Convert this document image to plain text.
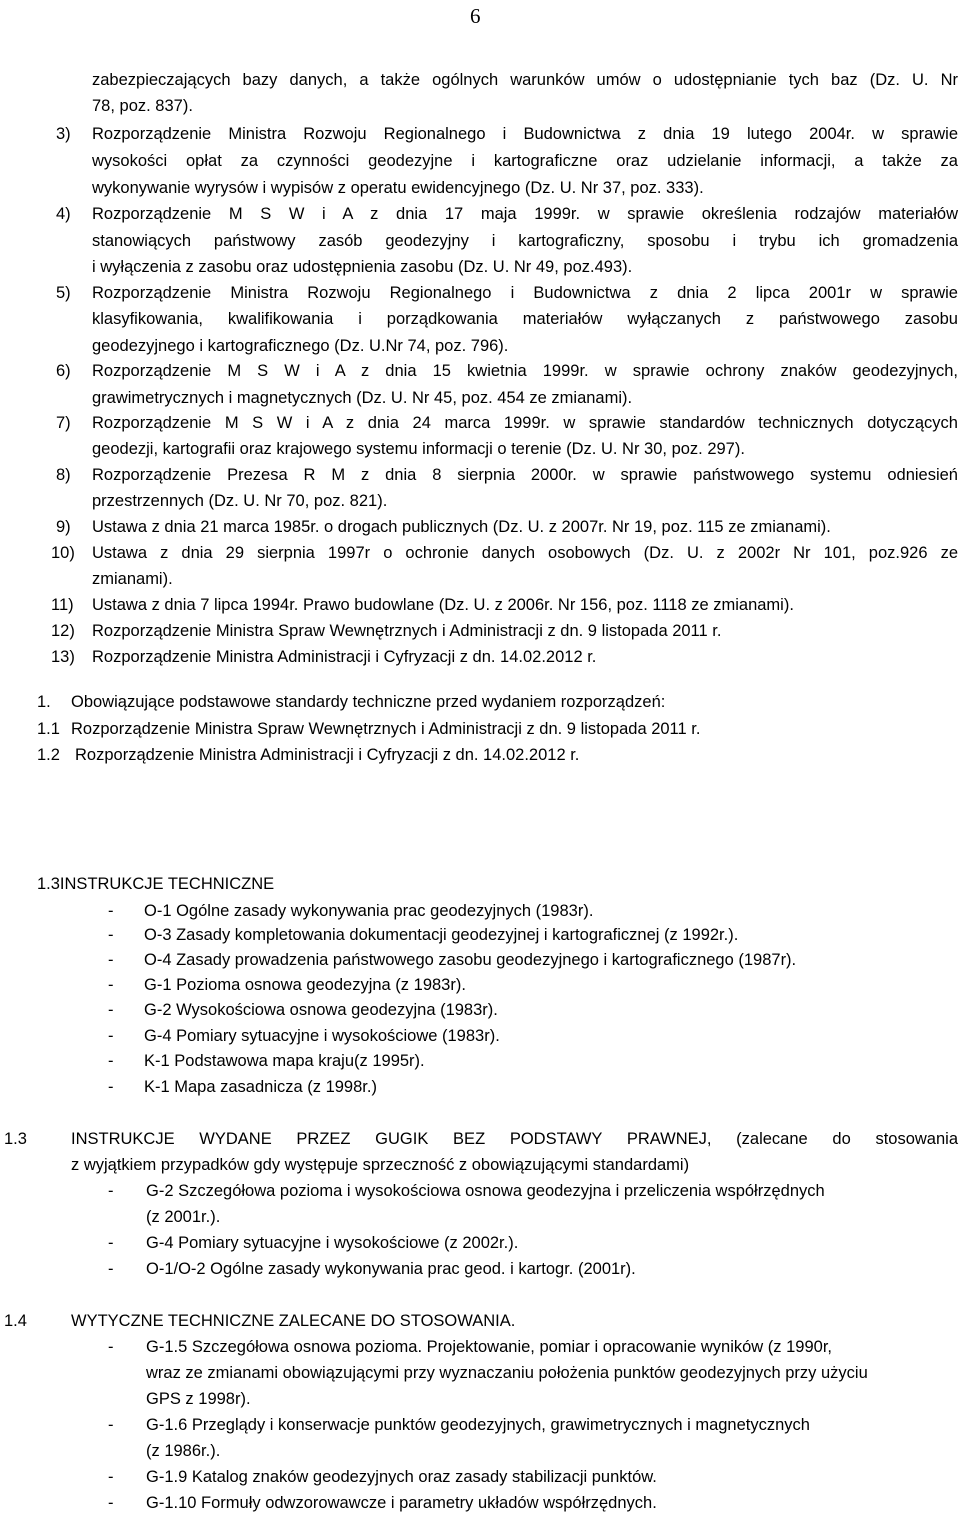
6
zabezpieczających bazy danych, a także ogólnych warunków umów o udostępnianie tych baz (Dz. U. Nr
78, poz. 837).
3) Rozporządzenie Ministra Rozwoju Regionalnego i Budownictwa z dnia 19 lutego 2004r. w sprawie
wysokości opłat za czynności geodezyjne i kartograficzne oraz udzielanie informacji, a także za
wykonywanie wyrysów i wypisów z operatu ewidencyjnego (Dz. U. Nr 37, poz. 333).
4) Rozporządzenie M S W i A z dnia 17 maja 1999r. w sprawie określenia rodzajów materiałów
stanowiących państwowy zasób geodezyjny i kartograficzny, sposobu i trybu ich gromadzenia
i wyłączenia z zasobu oraz udostępnienia zasobu (Dz. U. Nr 49, poz.493).
5) Rozporządzenie Ministra Rozwoju Regionalnego i Budownictwa z dnia 2 lipca 2001r w sprawie
klasyfikowania, kwalifikowania i porządkowania materiałów wyłączanych z państwowego zasobu
geodezyjnego i kartograficznego (Dz. U.Nr 74, poz. 796).
6) Rozporządzenie M S W i A z dnia 15 kwietnia 1999r. w sprawie ochrony znaków geodezyjnych,
grawimetrycznych i magnetycznych (Dz. U. Nr 45, poz. 454 ze zmianami).
7) Rozporządzenie M S W i A z dnia 24 marca 1999r. w sprawie standardów technicznych dotyczących
geodezji, kartografii oraz krajowego systemu informacji o terenie (Dz. U. Nr 30, poz. 297).
8) Rozporządzenie Prezesa R M z dnia 8 sierpnia 2000r. w sprawie państwowego systemu odniesień
przestrzennych (Dz. U. Nr 70, poz. 821).
9) Ustawa z dnia 21 marca 1985r. o drogach publicznych (Dz. U. z 2007r. Nr 19, poz. 115 ze zmianami).
10) Ustawa z dnia 29 sierpnia 1997r o ochronie danych osobowych (Dz. U. z 2002r Nr 101, poz.926 ze
zmianami).
11) Ustawa z dnia 7 lipca 1994r. Prawo budowlane (Dz. U. z 2006r. Nr 156, poz. 1118 ze zmianami).
12) Rozporządzenie Ministra Spraw Wewnętrznych i Administracji z dn. 9 listopada 2011 r.
13) Rozporządzenie Ministra Administracji i Cyfryzacji z dn. 14.02.2012 r.
1. Obowiązujące podstawowe standardy techniczne przed wydaniem rozporządzeń:
1.1 Rozporządzenie Ministra Spraw Wewnętrznych i Administracji z dn. 9 listopada 2011 r.
1.2 Rozporządzenie Ministra Administracji i Cyfryzacji z dn. 14.02.2012 r.
1.3INSTRUKCJE TECHNICZNE
- O-1 Ogólne zasady wykonywania prac geodezyjnych (1983r).
- O-3 Zasady kompletowania dokumentacji geodezyjnej i kartograficznej (z 1992r.).
- O-4 Zasady prowadzenia państwowego zasobu geodezyjnego i kartograficznego (1987r).
- G-1 Pozioma osnowa geodezyjna (z 1983r).
- G-2 Wysokościowa osnowa geodezyjna (1983r).
- G-4 Pomiary sytuacyjne i wysokościowe (1983r).
- K-1 Podstawowa mapa kraju(z 1995r).
- K-1 Mapa zasadnicza (z 1998r.)
1.3	INSTRUKCJE WYDANE PRZEZ GUGIK BEZ PODSTAWY PRAWNEJ, (zalecane do stosowania
z wyjątkiem przypadków gdy występuje sprzeczność z obowiązującymi standardami)
- G-2 Szczegółowa pozioma i wysokościowa osnowa geodezyjna i przeliczenia współrzędnych
(z 2001r.).
- G-4 Pomiary sytuacyjne i wysokościowe (z 2002r.).
- O-1/O-2 Ogólne zasady wykonywania prac geod. i kartogr. (2001r).
1.4	WYTYCZNE TECHNICZNE ZALECANE DO STOSOWANIA.
- G-1.5 Szczegółowa osnowa pozioma. Projektowanie, pomiar i opracowanie wyników (z 1990r,
wraz ze zmianami obowiązującymi przy wyznaczaniu położenia punktów geodezyjnych przy użyciu
GPS z 1998r).
- G-1.6 Przeglądy i konserwacje punktów geodezyjnych, grawimetrycznych i magnetycznych
(z 1986r.).
- G-1.9 Katalog znaków geodezyjnych oraz zasady stabilizacji punktów.
- G-1.10 Formuły odwzorowawcze i parametry układów współrzędnych.
